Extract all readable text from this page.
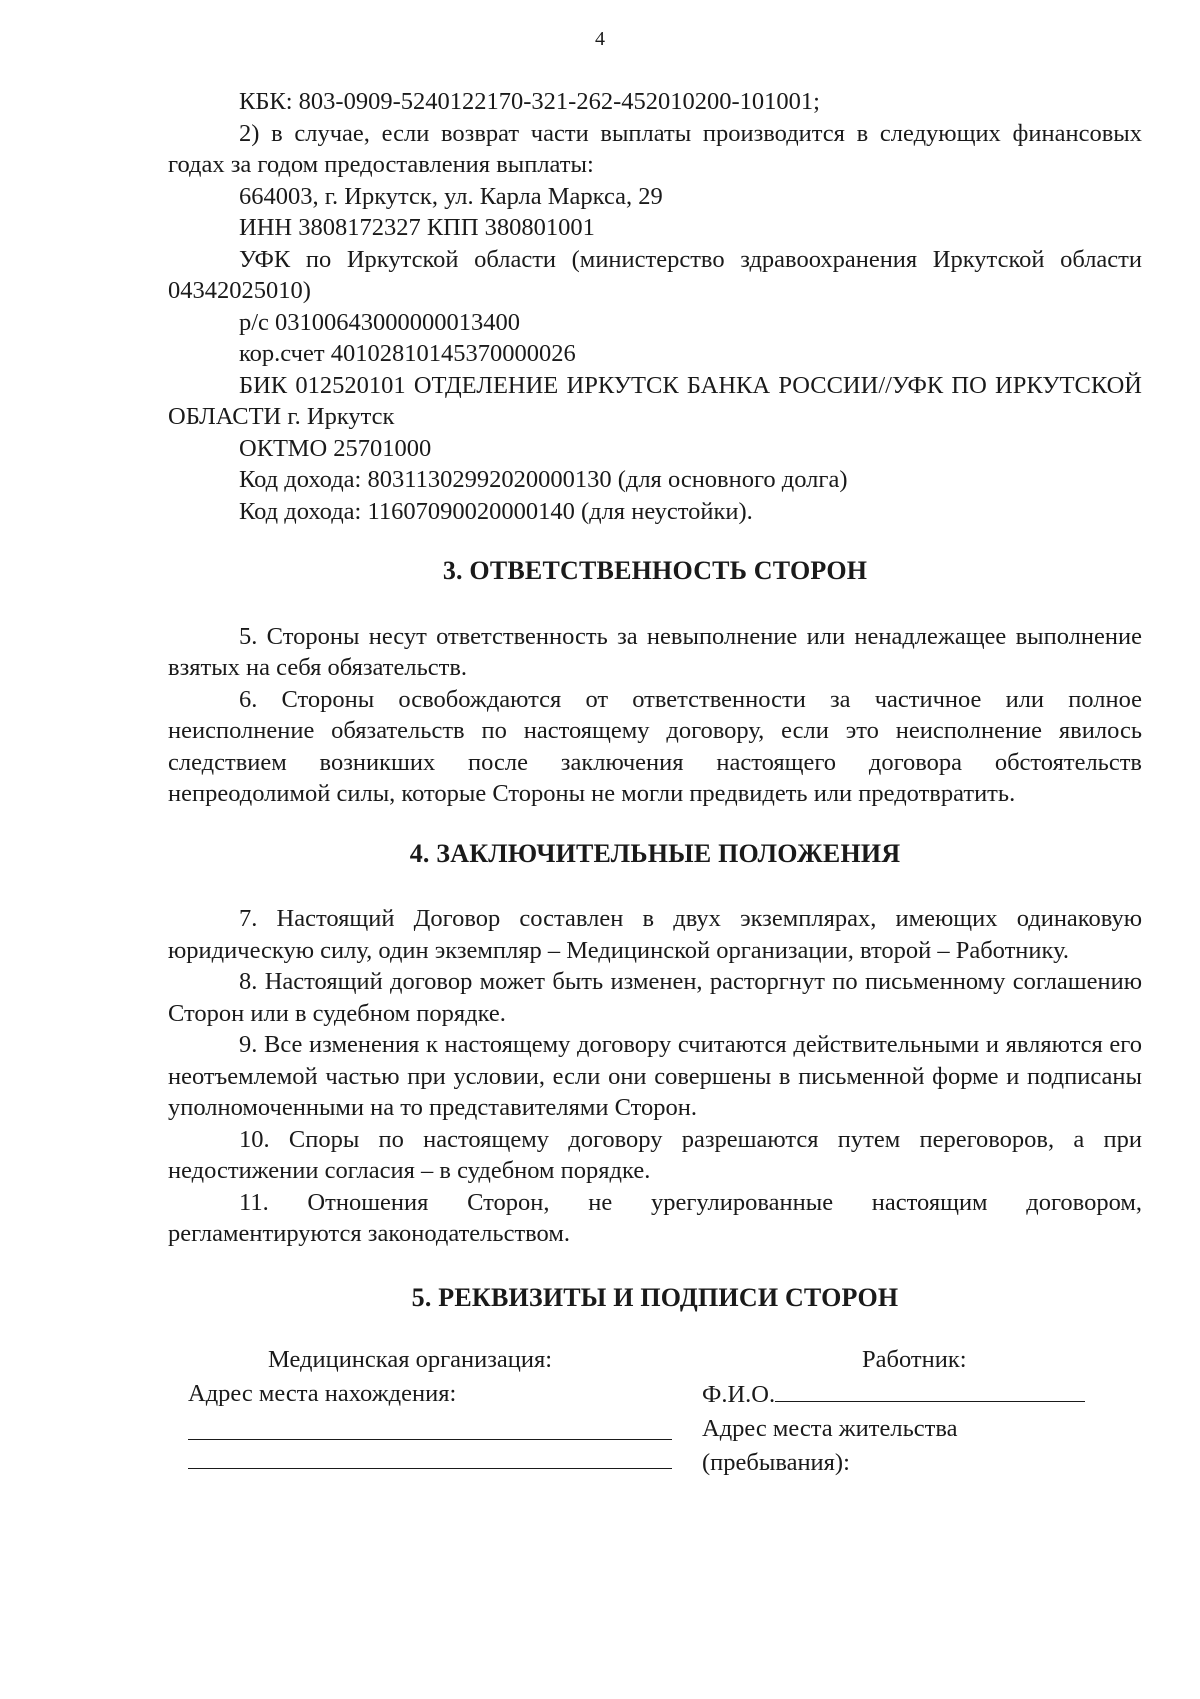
4

КБК: 803-0909-5240122170-321-262-452010200-101001;

2) в случае, если возврат части выплаты производится в следующих финансовых годах за годом предоставления выплаты:

664003, г. Иркутск, ул. Карла Маркса, 29

ИНН 3808172327 КПП 380801001

УФК по Иркутской области (министерство здравоохранения Иркутской области 04342025010)

р/с 03100643000000013400

кор.счет 40102810145370000026

БИК 012520101 ОТДЕЛЕНИЕ ИРКУТСК БАНКА РОССИИ//УФК ПО ИРКУТСКОЙ ОБЛАСТИ г. Иркутск

ОКТМО 25701000

Код дохода: 80311302992020000130 (для основного долга)

Код дохода: 11607090020000140 (для неустойки).

3. ОТВЕТСТВЕННОСТЬ СТОРОН

5. Стороны несут ответственность за невыполнение или ненадлежащее выполнение взятых на себя обязательств.

6. Стороны освобождаются от ответственности за частичное или полное неисполнение обязательств по настоящему договору, если это неисполнение явилось следствием возникших после заключения настоящего договора обстоятельств непреодолимой силы, которые Стороны не могли предвидеть или предотвратить.

4. ЗАКЛЮЧИТЕЛЬНЫЕ ПОЛОЖЕНИЯ

7. Настоящий Договор составлен в двух экземплярах, имеющих одинаковую юридическую силу, один экземпляр – Медицинской организации, второй – Работнику.

8. Настоящий договор может быть изменен, расторгнут по письменному соглашению Сторон или в судебном порядке.

9. Все изменения к настоящему договору считаются действительными и являются его неотъемлемой частью при условии, если они совершены в письменной форме и подписаны уполномоченными на то представителями Сторон.

10. Споры по настоящему договору разрешаются путем переговоров, а при недостижении согласия – в судебном порядке.

11. Отношения Сторон, не урегулированные настоящим договором, регламентируются законодательством.

5. РЕКВИЗИТЫ И ПОДПИСИ СТОРОН
Медицинская организация:
Адрес места нахождения:
Работник:
Ф.И.О.
Адрес места жительства
(пребывания):
